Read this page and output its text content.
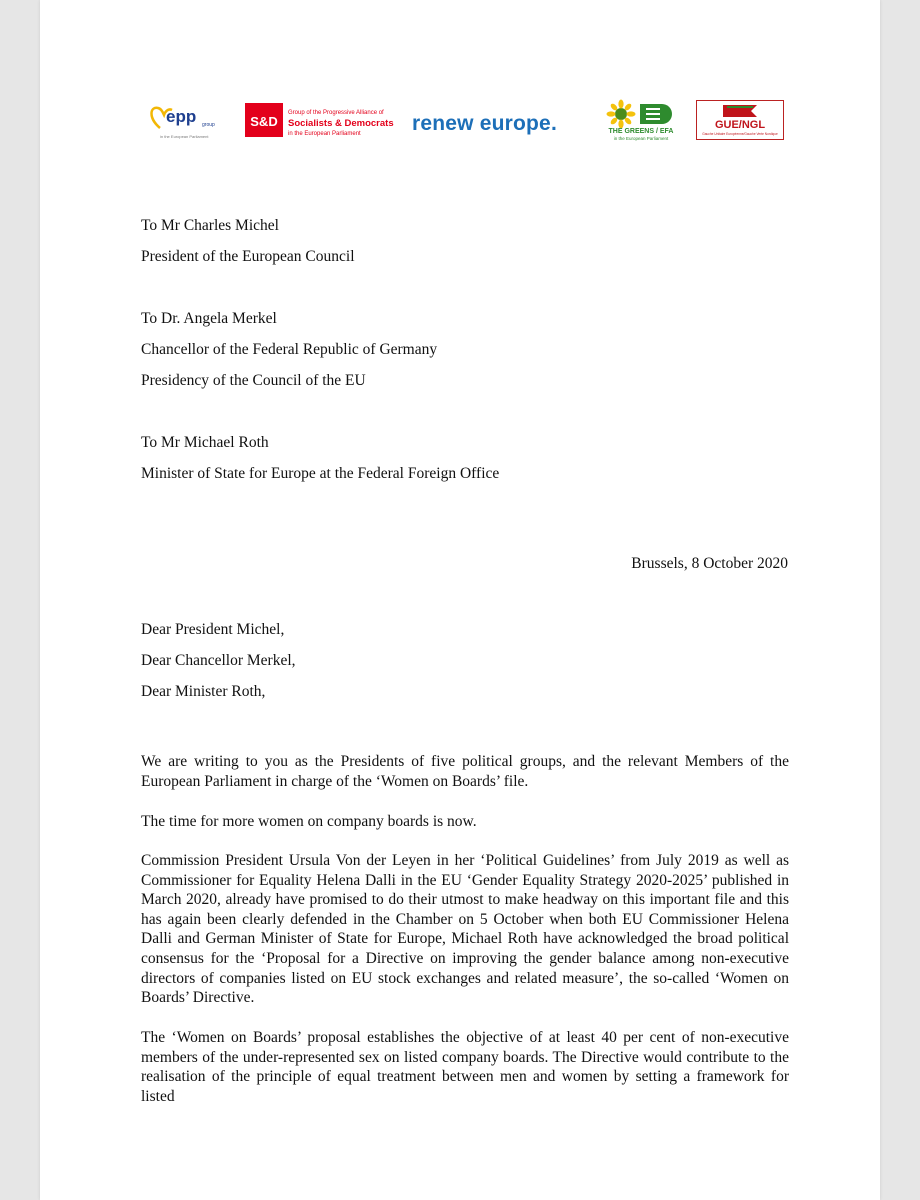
epp group
in the European Parliament
S&D
Group of the Progressive Alliance of
Socialists & Democrats
in the European Parliament renew europe.	THE GREENS / EFA
in the European Parliament
GUE/NGL
Gauche Unitaire Européenne/Gauche Verte Nordique
To Mr Charles Michel
President of the European Council
To Dr. Angela Merkel
Chancellor of the Federal Republic of Germany
Presidency of the Council of the EU
To Mr Michael Roth
Minister of State for Europe at the Federal Foreign Office
Brussels, 8 October 2020
Dear President Michel,
Dear Chancellor Merkel,
Dear Minister Roth,
We are writing to you as the Presidents of five political groups, and the relevant Members of the European Parliament in charge of the ‘Women on Boards’ file.
The time for more women on company boards is now.
Commission President Ursula Von der Leyen in her ‘Political Guidelines’ from July 2019 as well as Commissioner for Equality Helena Dalli in the EU ‘Gender Equality Strategy 2020-2025’ published in March 2020, already have promised to do their utmost to make headway on this important file and this has again been clearly defended in the Chamber on 5 October when both EU Commissioner Helena Dalli and German Minister of State for Europe, Michael Roth have acknowledged the broad political consensus for the ‘Proposal for a Directive on improving the gender balance among non-executive directors of companies listed on EU stock exchanges and related measure’, the so-called ‘Women on Boards’ Directive.
The ‘Women on Boards’ proposal establishes the objective of at least 40 per cent of non-executive members of the under-represented sex on listed company boards. The Directive would contribute to the realisation of the principle of equal treatment between men and women by setting a framework for listed
